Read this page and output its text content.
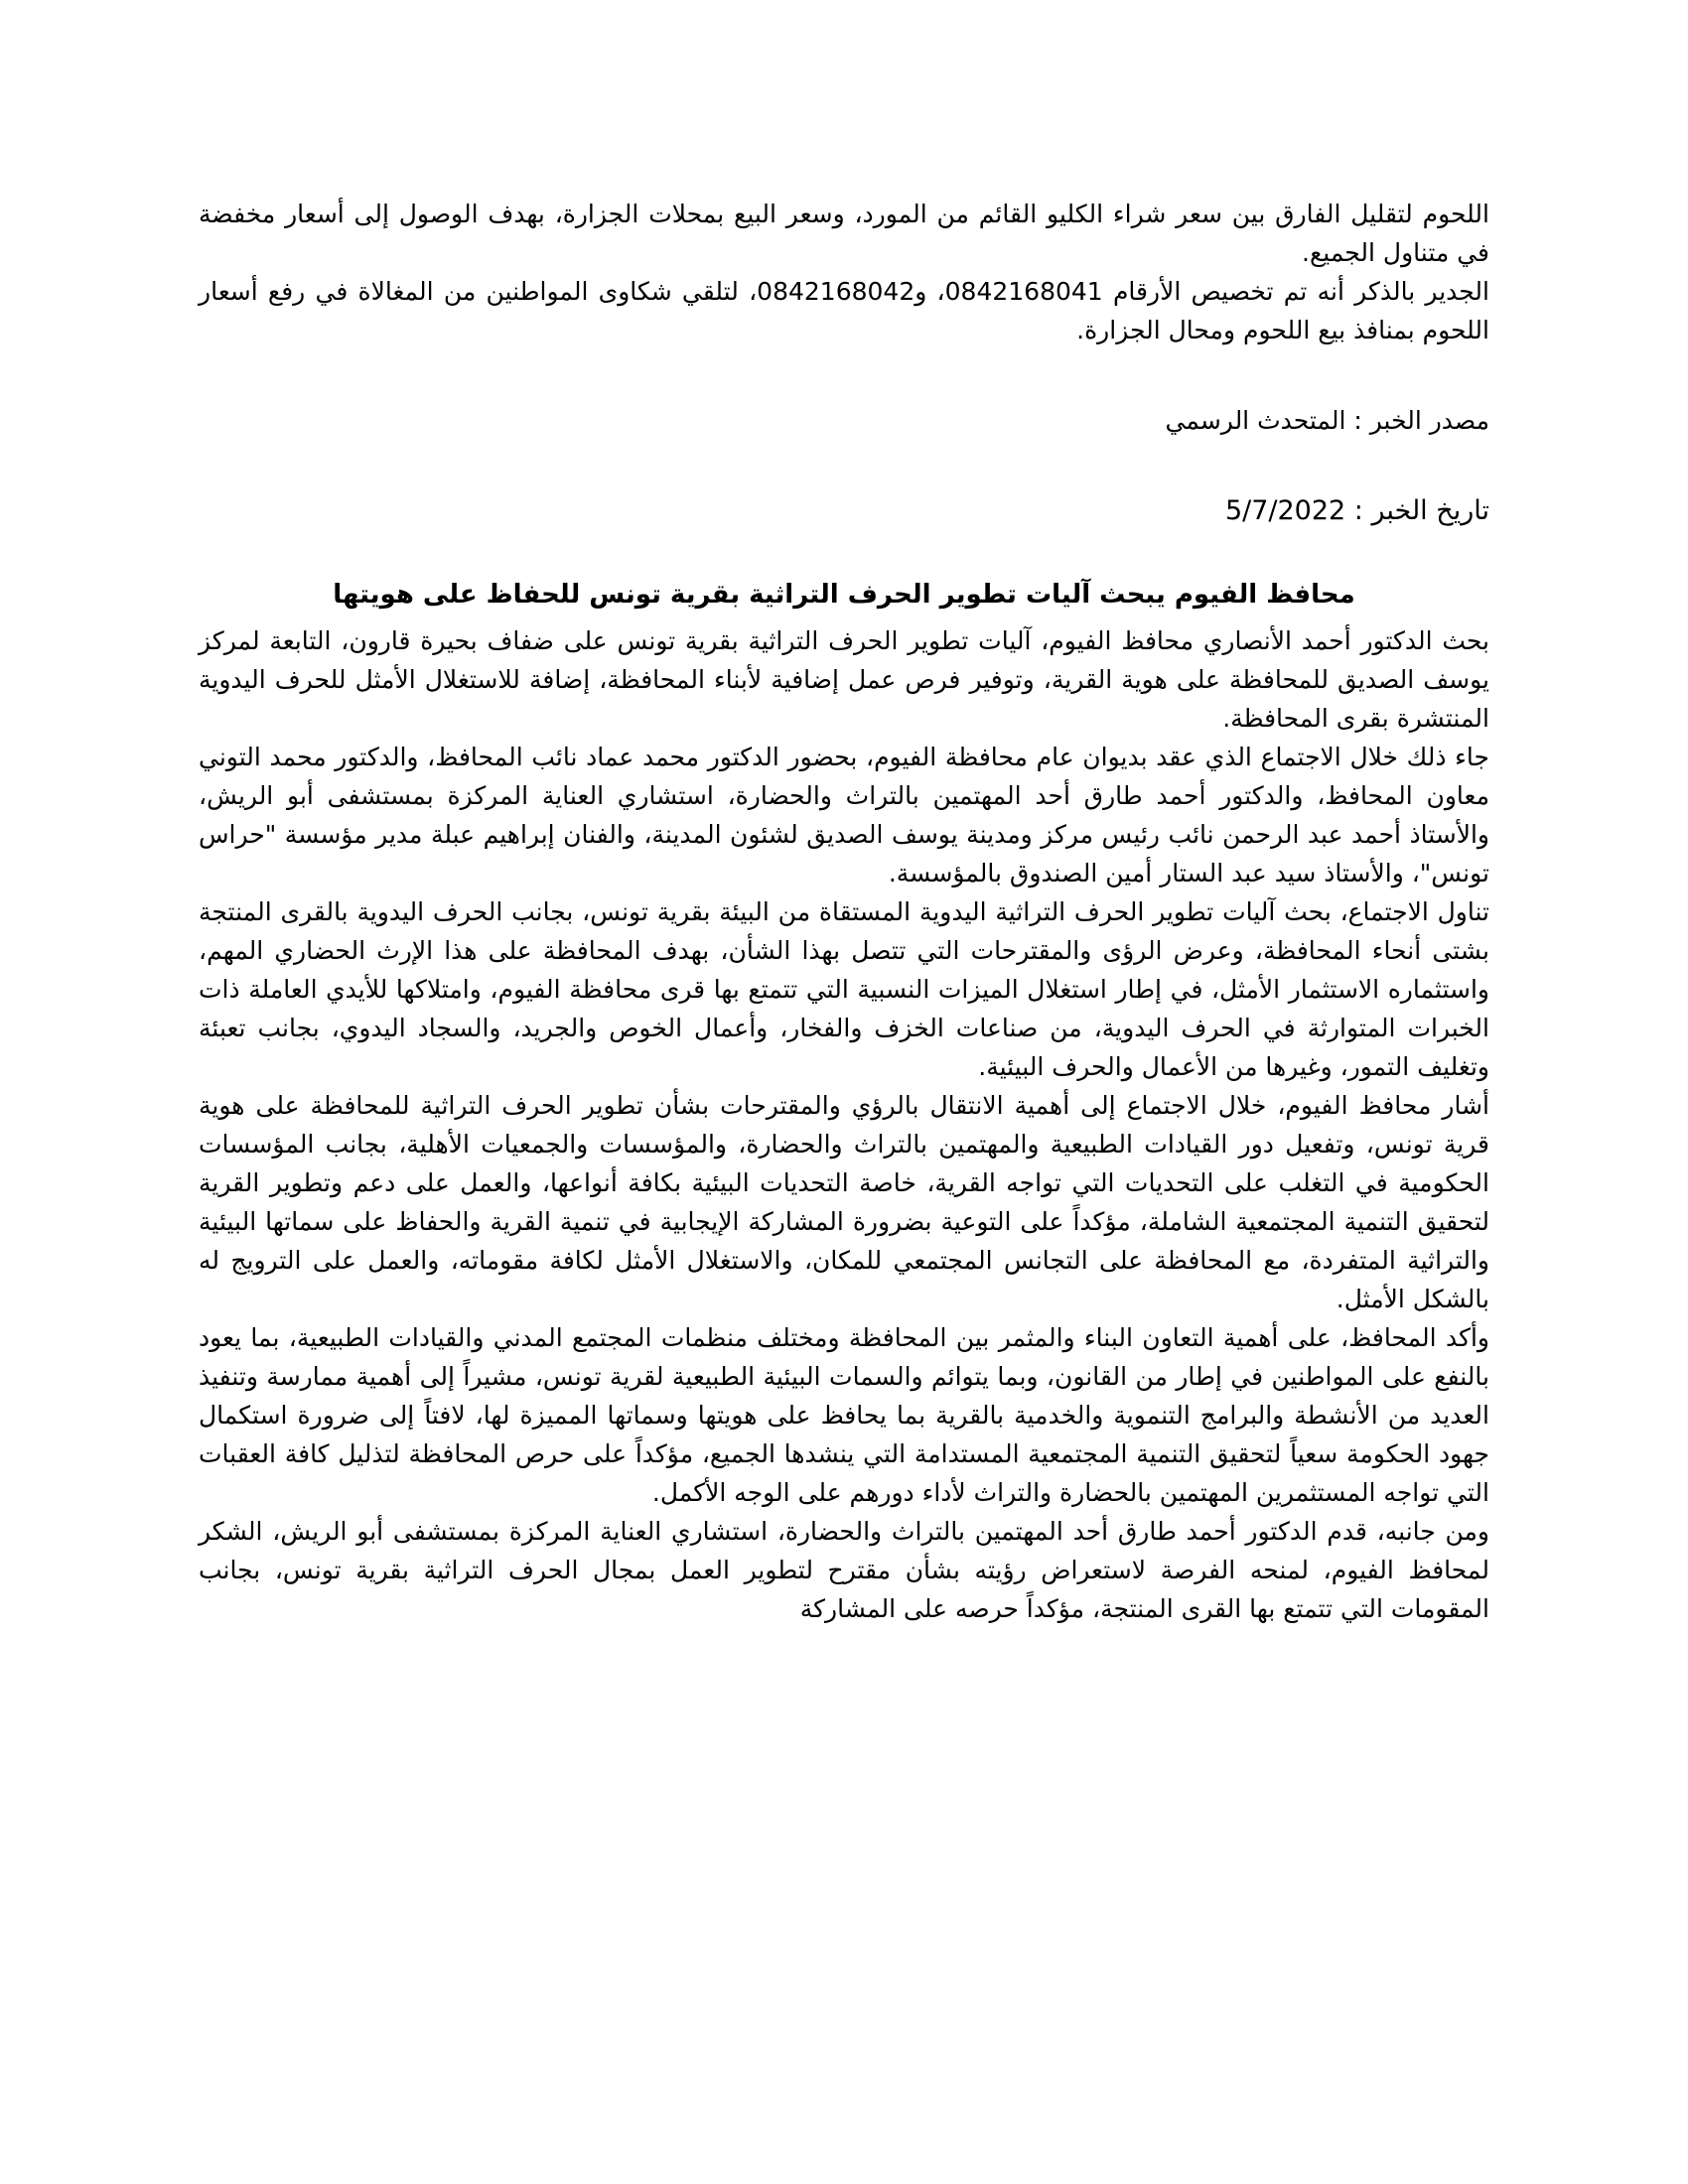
اللحوم لتقليل الفارق بين سعر شراء الكليو القائم من المورد، وسعر البيع بمحلات الجزارة، بهدف الوصول إلى أسعار مخفضة في متناول الجميع.

الجدير بالذكر أنه تم تخصيص الأرقام 0842168041، و0842168042، لتلقي شكاوى المواطنين من المغالاة في رفع أسعار اللحوم بمنافذ بيع اللحوم ومحال الجزارة.

مصدر الخبر : المتحدث الرسمي

تاريخ الخبر : 5/7/2022

محافظ الفيوم يبحث آليات تطوير الحرف التراثية بقرية تونس للحفاظ على هويتها

بحث الدكتور أحمد الأنصاري محافظ الفيوم، آليات تطوير الحرف التراثية بقرية تونس على ضفاف بحيرة قارون، التابعة لمركز يوسف الصديق للمحافظة على هوية القرية، وتوفير فرص عمل إضافية لأبناء المحافظة، إضافة للاستغلال الأمثل للحرف اليدوية المنتشرة بقرى المحافظة.

جاء ذلك خلال الاجتماع الذي عقد بديوان عام محافظة الفيوم، بحضور الدكتور محمد عماد نائب المحافظ، والدكتور محمد التوني معاون المحافظ، والدكتور أحمد طارق أحد المهتمين بالتراث والحضارة، استشاري العناية المركزة بمستشفى أبو الريش، والأستاذ أحمد عبد الرحمن نائب رئيس مركز ومدينة يوسف الصديق لشئون المدينة، والفنان إبراهيم عبلة مدير مؤسسة "حراس تونس"، والأستاذ سيد عبد الستار أمين الصندوق بالمؤسسة.

تناول الاجتماع، بحث آليات تطوير الحرف التراثية اليدوية المستقاة من البيئة بقرية تونس، بجانب الحرف اليدوية بالقرى المنتجة بشتى أنحاء المحافظة، وعرض الرؤى والمقترحات التي تتصل بهذا الشأن، بهدف المحافظة على هذا الإرث الحضاري المهم، واستثماره الاستثمار الأمثل، في إطار استغلال الميزات النسبية التي تتمتع بها قرى محافظة الفيوم، وامتلاكها للأيدي العاملة ذات الخبرات المتوارثة في الحرف اليدوية، من صناعات الخزف والفخار، وأعمال الخوص والجريد، والسجاد اليدوي، بجانب تعبئة وتغليف التمور، وغيرها من الأعمال والحرف البيئية.

أشار محافظ الفيوم، خلال الاجتماع إلى أهمية الانتقال بالرؤي والمقترحات بشأن تطوير الحرف التراثية للمحافظة على هوية قرية تونس، وتفعيل دور القيادات الطبيعية والمهتمين بالتراث والحضارة، والمؤسسات والجمعيات الأهلية، بجانب المؤسسات الحكومية في التغلب على التحديات التي تواجه القرية، خاصة التحديات البيئية بكافة أنواعها، والعمل على دعم وتطوير القرية لتحقيق التنمية المجتمعية الشاملة، مؤكداً على التوعية بضرورة المشاركة الإيجابية في تنمية القرية والحفاظ على سماتها البيئية والتراثية المتفردة، مع المحافظة على التجانس المجتمعي للمكان، والاستغلال الأمثل لكافة مقوماته، والعمل على الترويج له بالشكل الأمثل.

وأكد المحافظ، على أهمية التعاون البناء والمثمر بين المحافظة ومختلف منظمات المجتمع المدني والقيادات الطبيعية، بما يعود بالنفع على المواطنين في إطار من القانون، وبما يتوائم والسمات البيئية الطبيعية لقرية تونس، مشيراً إلى أهمية ممارسة وتنفيذ العديد من الأنشطة والبرامج التنموية والخدمية بالقرية بما يحافظ على هويتها وسماتها المميزة لها، لافتاً إلى ضرورة استكمال جهود الحكومة سعياً لتحقيق التنمية المجتمعية المستدامة التي ينشدها الجميع، مؤكداً على حرص المحافظة لتذليل كافة العقبات التي تواجه المستثمرين المهتمين بالحضارة والتراث لأداء دورهم على الوجه الأكمل.

ومن جانبه، قدم الدكتور أحمد طارق أحد المهتمين بالتراث والحضارة، استشاري العناية المركزة بمستشفى أبو الريش، الشكر لمحافظ الفيوم، لمنحه الفرصة لاستعراض رؤيته بشأن مقترح لتطوير العمل بمجال الحرف التراثية بقرية تونس، بجانب المقومات التي تتمتع بها القرى المنتجة، مؤكداً حرصه على المشاركة
